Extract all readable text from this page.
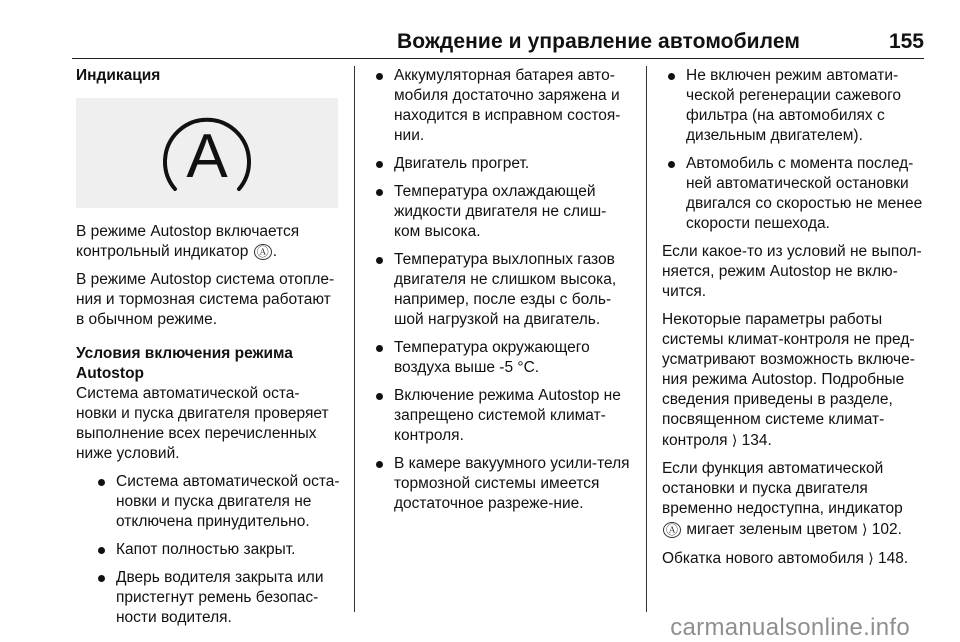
Вождение и управление автомобилем	155

Индикация

A

В режиме Autostop включается контрольный индикатор Ⓐ .

В режиме Autostop система отопле-ния и тормозная система работают в обычном режиме.

Условия включения режима Autostop

Система автоматической оста-новки и пуска двигателя проверяет выполнение всех перечисленных ниже условий.

Система автоматической оста-новки и пуска двигателя не отключена принудительно.
Капот полностью закрыт.
Дверь водителя закрыта или пристегнут ремень безопас-ности водителя.
Аккумуляторная батарея авто-мобиля достаточно заряжена и находится в исправном состоя-нии.
Двигатель прогрет.
Температура охлаждающей жидкости двигателя не слиш-ком высока.
Температура выхлопных газов двигателя не слишком высока, например, после езды с боль-шой нагрузкой на двигатель.
Температура окружающего воздуха выше -5 °C.
Включение режима Autostop не запрещено системой климат-контроля.
В камере вакуумного усили-теля тормозной системы имеется достаточное разреже-ние.
Не включен режим автомати-ческой регенерации сажевого фильтра (на автомобилях с дизельным двигателем).
Автомобиль с момента послед-ней автоматической остановки двигался со скоростью не менее скорости пешехода.

Если какое-то из условий не выпол-няется, режим Autostop не вклю-чится.

Некоторые параметры работы системы климат-контроля не пред-усматривают возможность включе-ния режима Autostop. Подробные сведения приведены в разделе, посвященном системе климат-контроля ⟩ 134.

Если функция автоматической остановки и пуска двигателя временно недоступна, индикатор Ⓐ мигает зеленым цветом ⟩ 102.

Обкатка нового автомобиля ⟩ 148.

carmanualsonline.info
